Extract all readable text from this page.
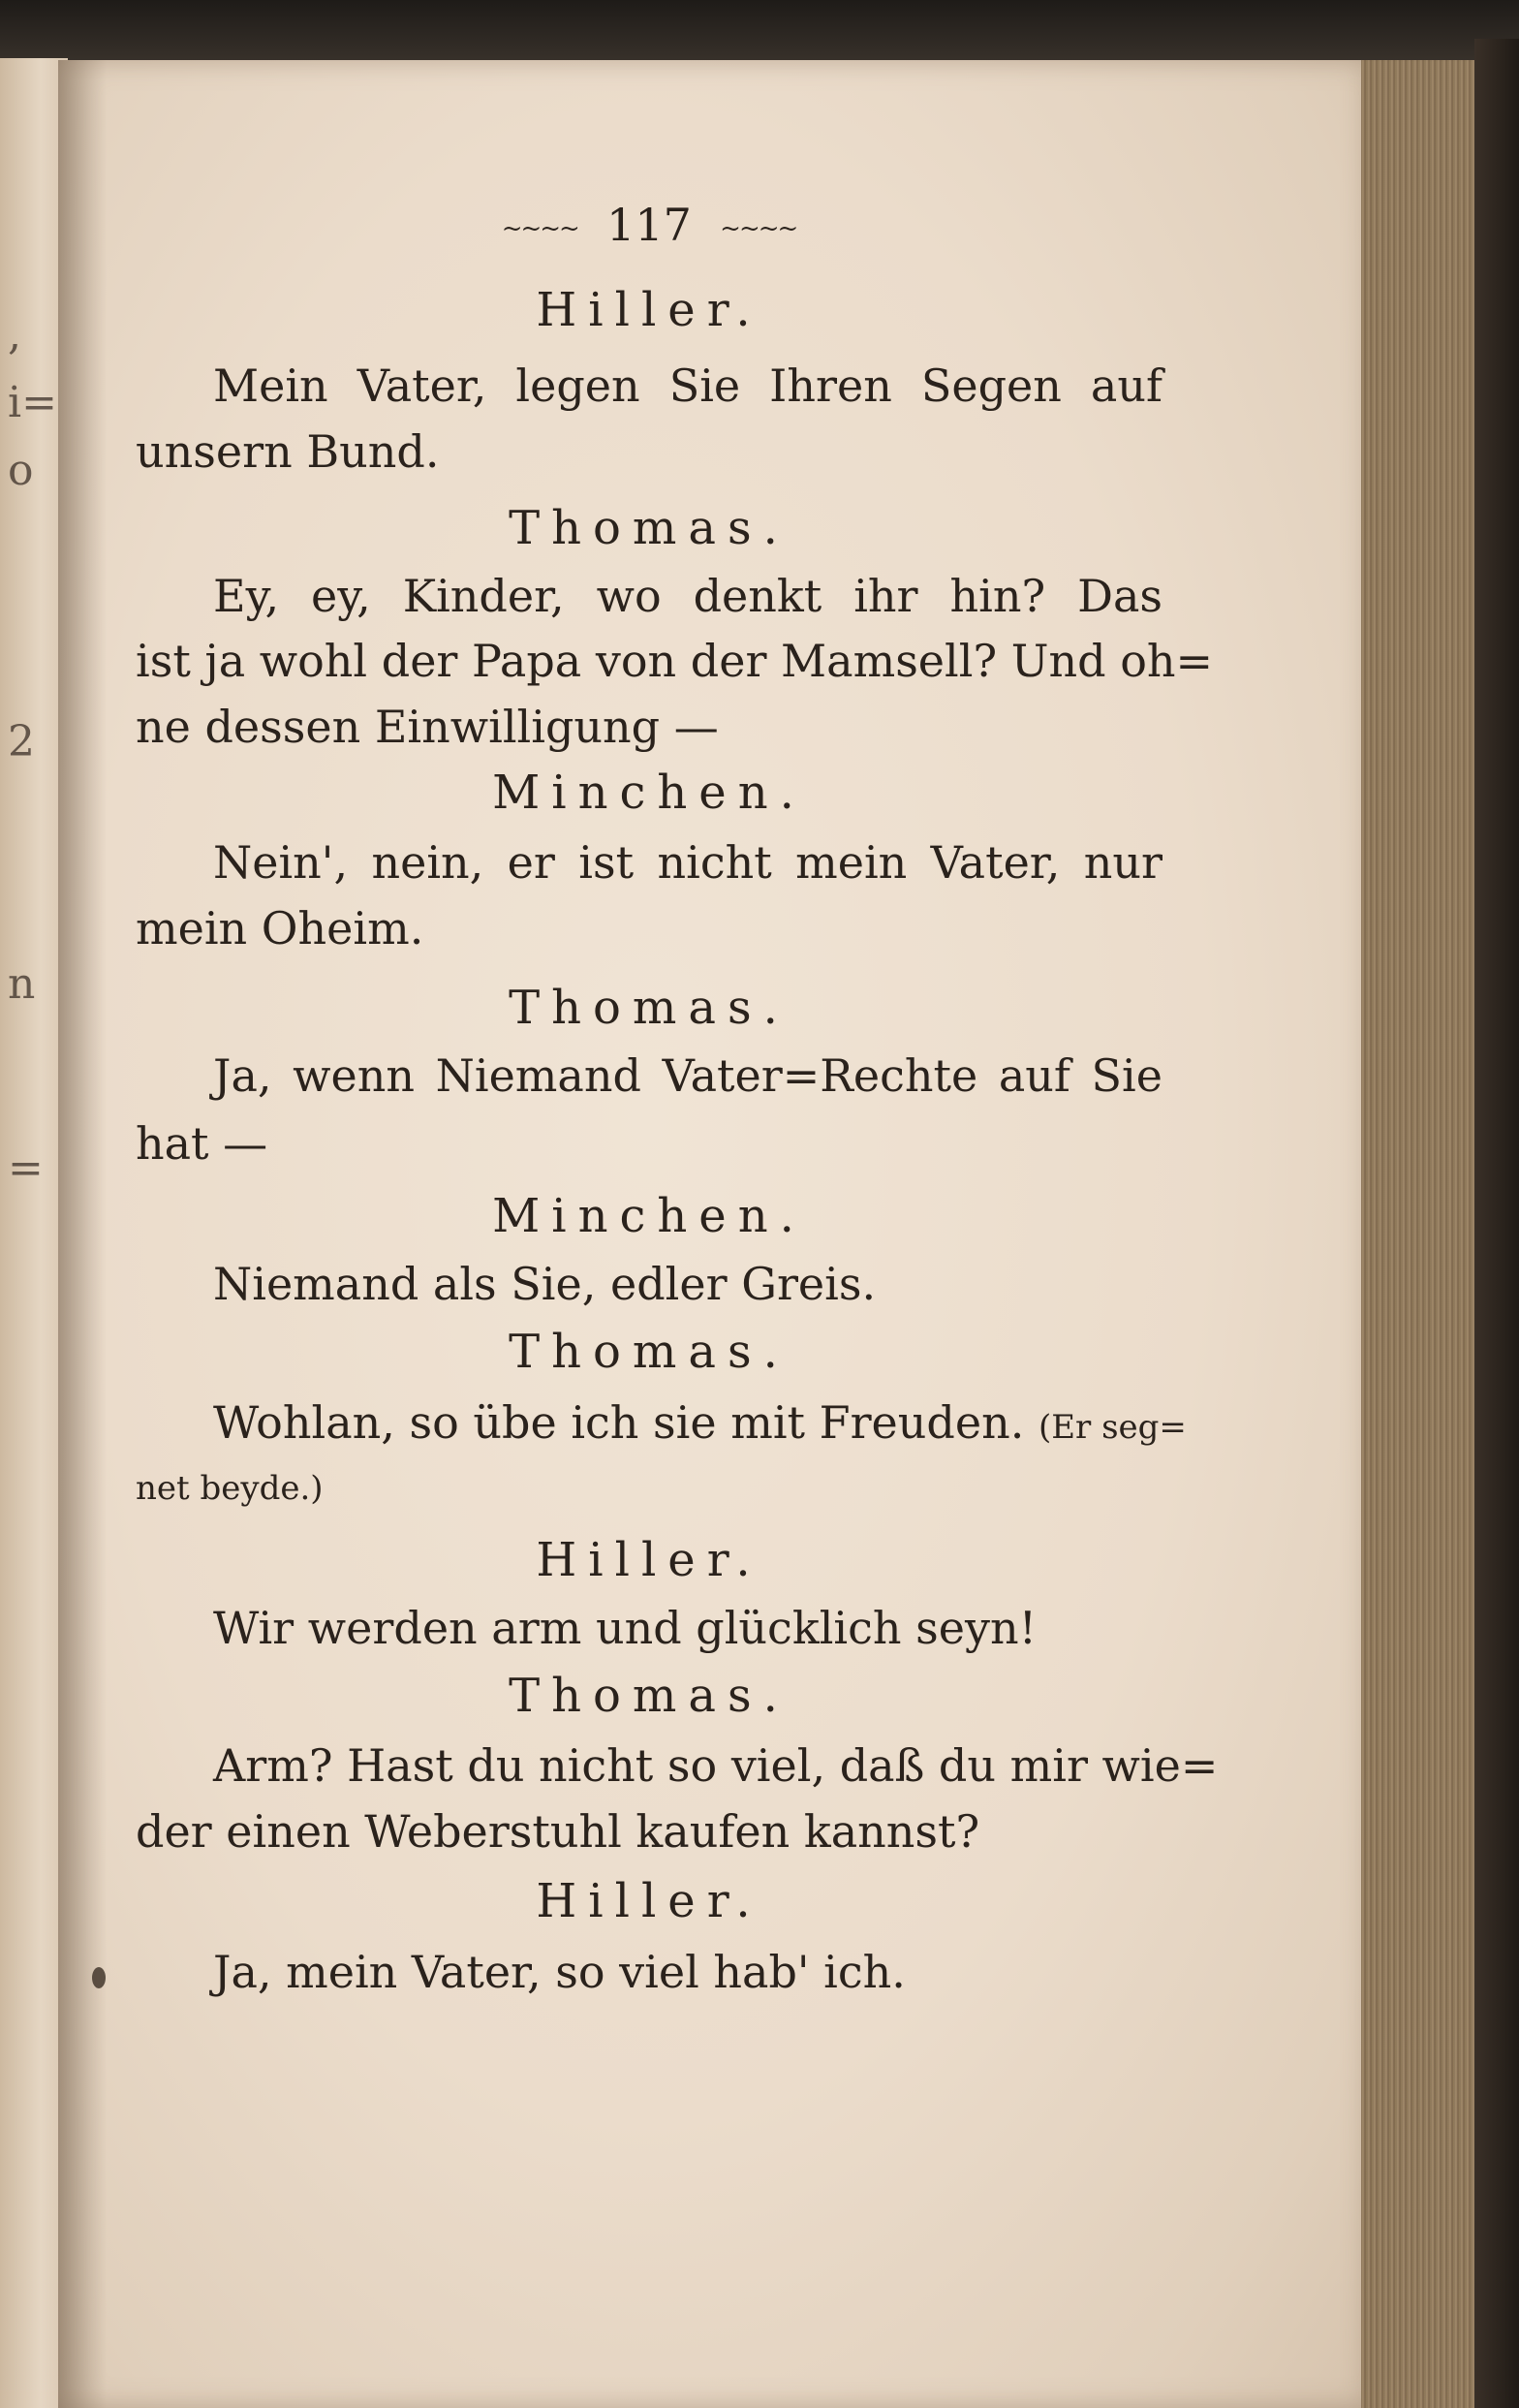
,
i=
o
2
n
=
~~~~ 117 ~~~~
Hiller.
Mein Vater, legen Sie Ihren Segen auf
unsern Bund.
Thomas.
Ey, ey, Kinder, wo denkt ihr hin? Das
ist ja wohl der Papa von der Mamsell? Und oh=
ne dessen Einwilligung —
Minchen.
Nein', nein, er ist nicht mein Vater, nur
mein Oheim.
Thomas.
Ja, wenn Niemand Vater=Rechte auf Sie
hat —
Minchen.
Niemand als Sie, edler Greis.
Thomas.
Wohlan, so übe ich sie mit Freuden. (Er seg=
net beyde.)
Hiller.
Wir werden arm und glücklich seyn!
Thomas.
Arm? Hast du nicht so viel, daß du mir wie=
der einen Weberstuhl kaufen kannst?
Hiller.
Ja, mein Vater, so viel hab' ich.
